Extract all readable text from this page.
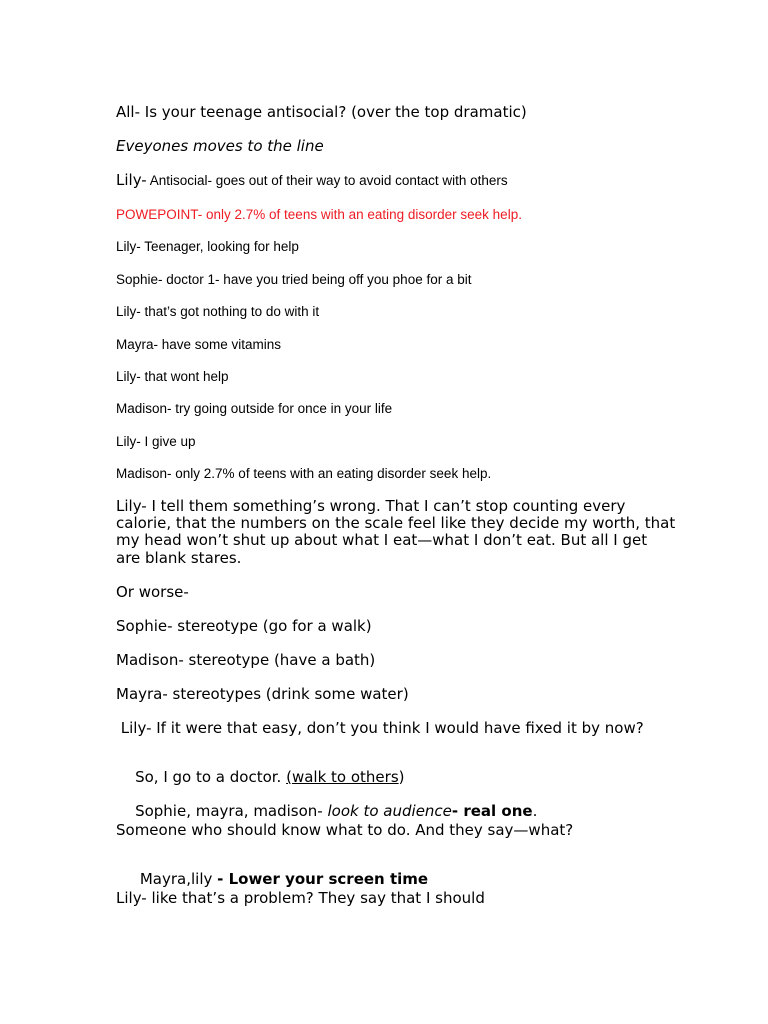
All- Is your teenage antisocial? (over the top dramatic)
Eveyones moves to the line
Lily- Antisocial- goes out of their way to avoid contact with others
POWEPOINT- only 2.7% of teens with an eating disorder seek help.
Lily- Teenager, looking for help
Sophie- doctor 1- have you tried being off you phoe for a bit
Lily- that’s got nothing to do with it
Mayra- have some vitamins
Lily- that wont help
Madison- try going outside for once in your life
Lily- I give up
Madison- only 2.7% of teens with an eating disorder seek help.
Lily- I tell them something’s wrong. That I can’t stop counting every calorie, that the numbers on the scale feel like they decide my worth, that my head won’t shut up about what I eat—what I don’t eat. But all I get are blank stares.
Or worse-
Sophie- stereotype (go for a walk)
Madison- stereotype (have a bath)
Mayra- stereotypes (drink some water)
Lily- If it were that easy, don’t you think I would have fixed it by now?

So, I go to a doctor. (walk to others)

Sophie, mayra, madison- look to audience- real one.

Someone who should know what to do. And they say—what?

Mayra,lily - Lower your screen time

Lily- like that’s a problem? They say that I should
